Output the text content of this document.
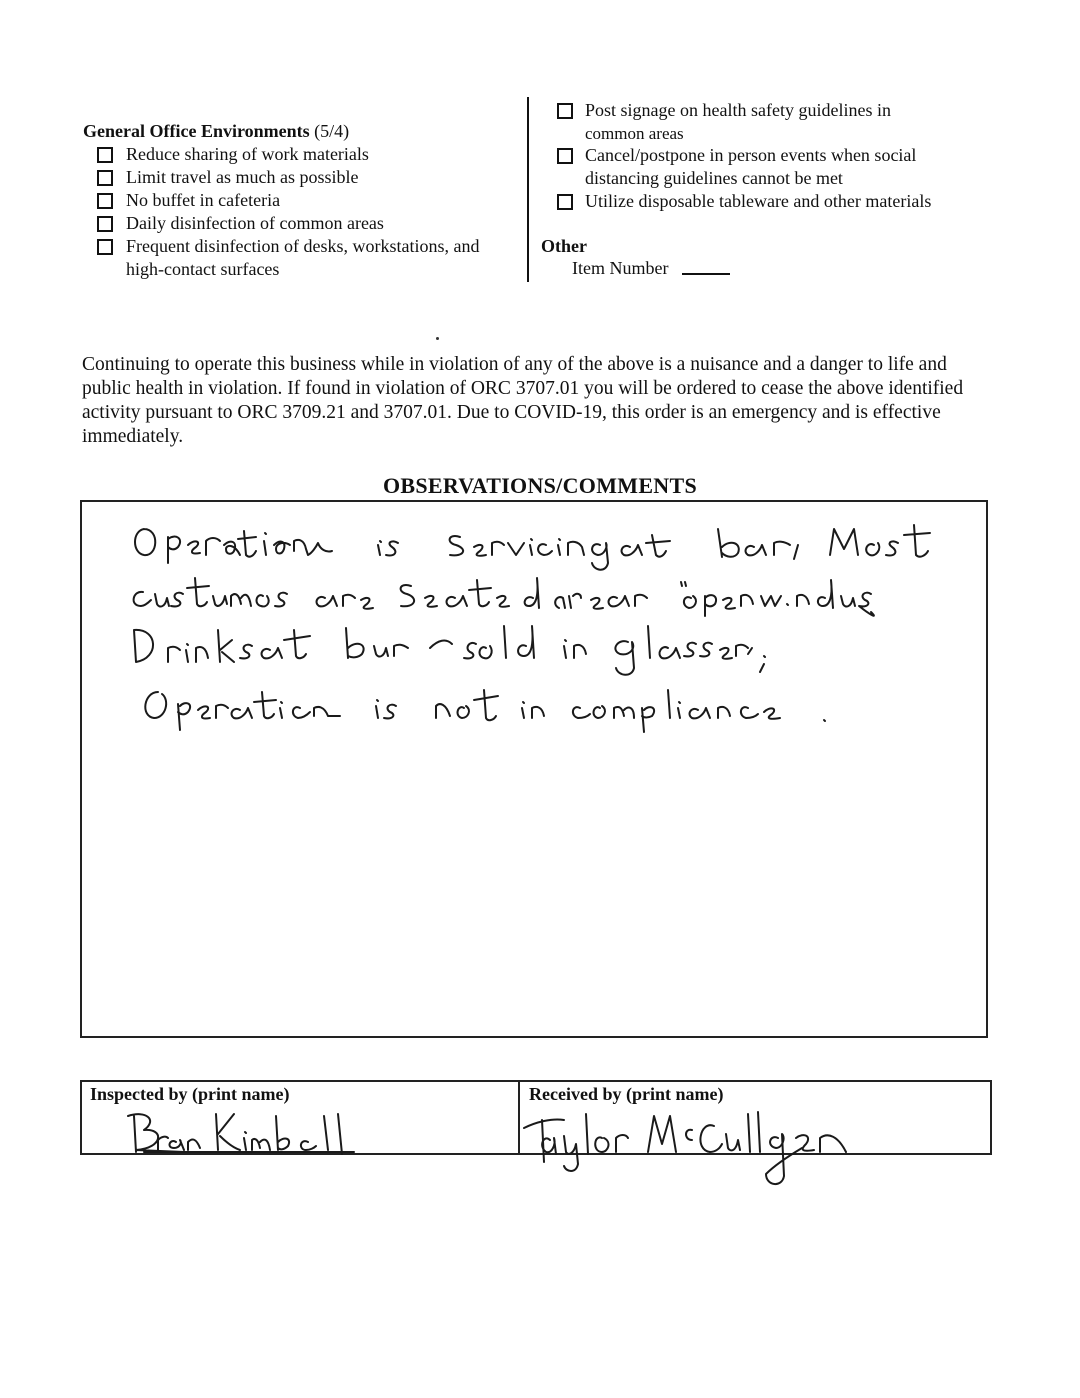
General Office Environments (5/4)
Reduce sharing of work materials
Limit travel as much as possible
No buffet in cafeteria
Daily disinfection of common areas
Frequent disinfection of desks, workstations, and
high-contact surfaces
Post signage on health safety guidelines in
common areas
Cancel/postpone in person events when social
distancing guidelines cannot be met
Utilize disposable tableware and other materials
Other
Item Number
Continuing to operate this business while in violation of any of the above is a nuisance and a danger to life and public health in violation. If found in violation of ORC 3707.01 you will be ordered to cease the above identified activity pursuant to ORC 3709.21 and 3707.01. Due to COVID-19, this order is an emergency and is effective immediately.
OBSERVATIONS/COMMENTS
Inspected by (print name)	Received by (print name)
